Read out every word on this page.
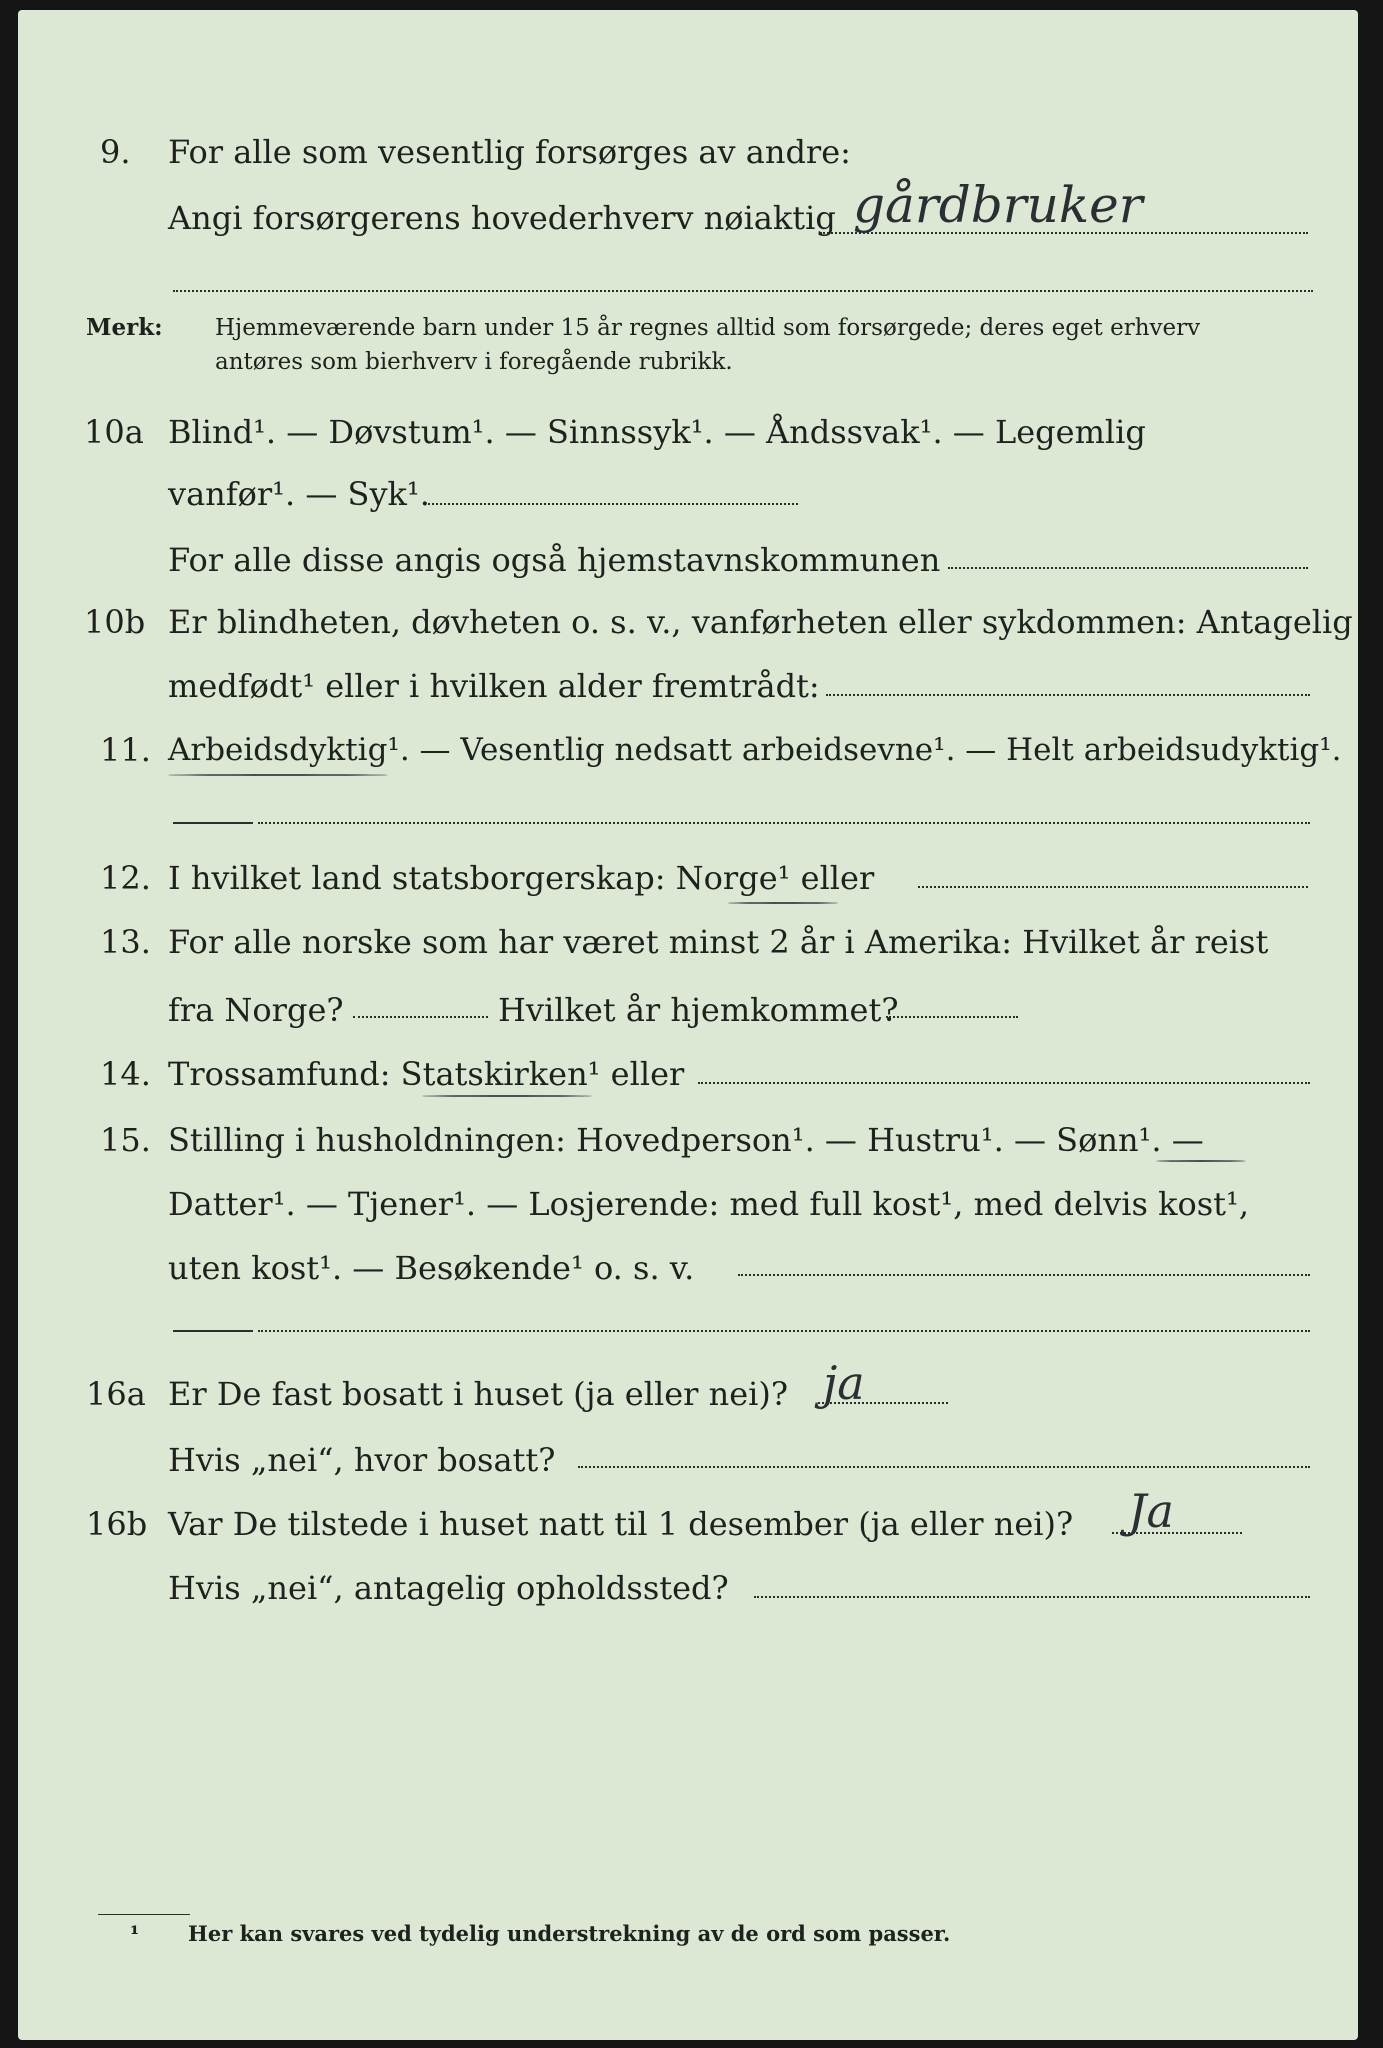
9. For alle som vesentlig forsørges av andre:
Angi forsørgerens hovederhverv nøiaktig gårdbruker
Merk: Hjemmeværende barn under 15 år regnes alltid som forsørgede; deres eget erhverv
antøres som bierhverv i foregående rubrikk.
10a Blind¹. — Døvstum¹. — Sinnssyk¹. — Åndssvak¹. — Legemlig
vanfør¹. — Syk¹.
For alle disse angis også hjemstavnskommunen
10b Er blindheten, døvheten o. s. v., vanførheten eller sykdommen: Antagelig
medfødt¹ eller i hvilken alder fremtrådt:
11. Arbeidsdyktig¹. — Vesentlig nedsatt arbeidsevne¹. — Helt arbeidsudyktig¹.
12. I hvilket land statsborgerskap: Norge¹ eller
13. For alle norske som har været minst 2 år i Amerika: Hvilket år reist
fra Norge?	Hvilket år hjemkommet?
14. Trossamfund: Statskirken¹ eller
15. Stilling i husholdningen: Hovedperson¹. — Hustru¹. — Sønn¹. —
Datter¹. — Tjener¹. — Losjerende: med full kost¹, med delvis kost¹,
uten kost¹. — Besøkende¹ o. s. v.
16a Er De fast bosatt i huset (ja eller nei)? ja
Hvis „nei“, hvor bosatt?
16b Var De tilstede i huset natt til 1 desember (ja eller nei)? Ja
Hvis „nei“, antagelig opholdssted?
¹ Her kan svares ved tydelig understrekning av de ord som passer.
